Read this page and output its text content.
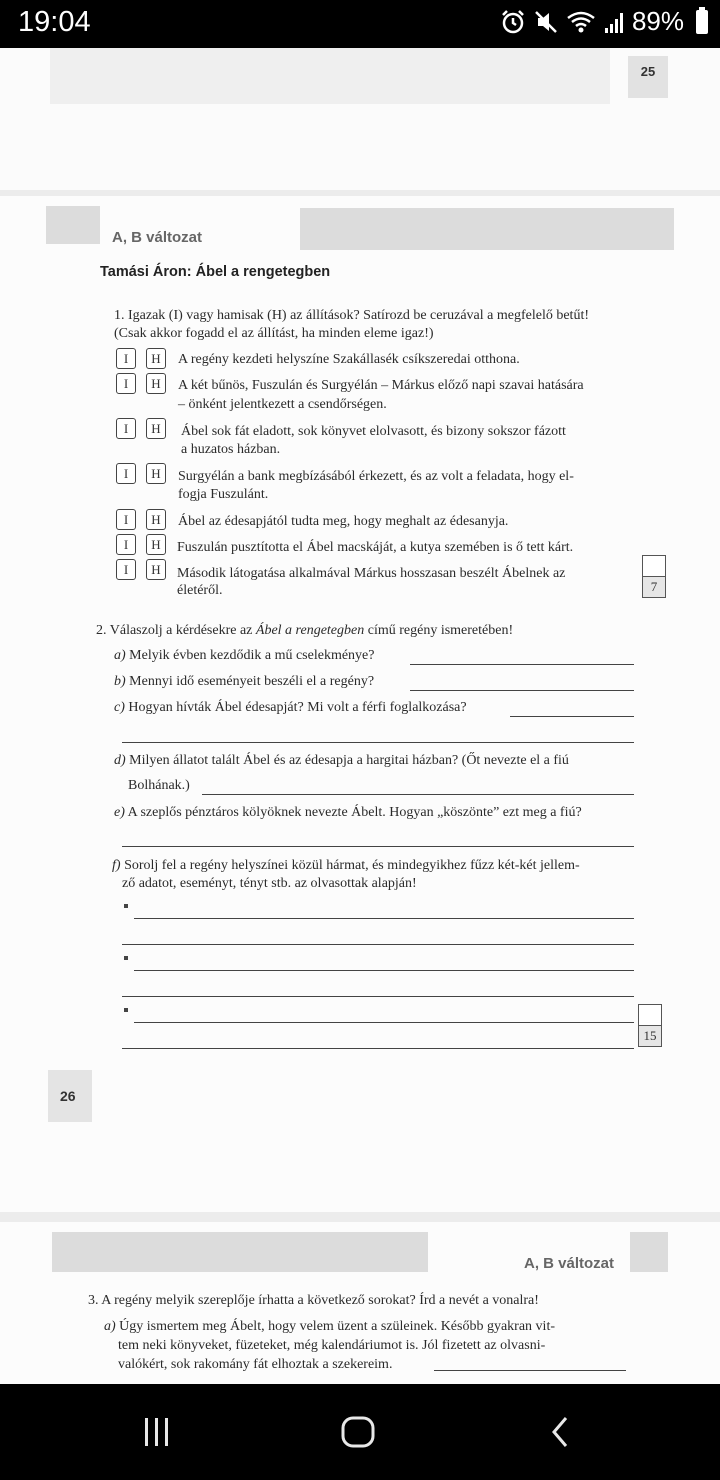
19:04	89%
25
A, B változat
Tamási Áron: Ábel a rengetegben
1. Igazak (I) vagy hamisak (H) az állítások? Satírozd be ceruzával a megfelelő betűt!
(Csak akkor fogadd el az állítást, ha minden eleme igaz!)
I	H	A regény kezdeti helyszíne Szakállasék csíkszeredai otthona.
I	H	A két bűnös, Fuszulán és Surgyélán – Márkus előző napi szavai hatására
– önként jelentkezett a csendőrségen.
I	H	Ábel sok fát eladott, sok könyvet elolvasott, és bizony sokszor fázott
a huzatos házban.
I	H	Surgyélán a bank megbízásából érkezett, és az volt a feladata, hogy el-
fogja Fuszulánt.
I	H	Ábel az édesapjától tudta meg, hogy meghalt az édesanyja.
I	H	Fuszulán pusztította el Ábel macskáját, a kutya szemében is ő tett kárt.
I	H	Második látogatása alkalmával Márkus hosszasan beszélt Ábelnek az
életéről.	7
2. Válaszolj a kérdésekre az Ábel a rengetegben című regény ismeretében!
a) Melyik évben kezdődik a mű cselekménye?
b) Mennyi idő eseményeit beszéli el a regény?
c) Hogyan hívták Ábel édesapját? Mi volt a férfi foglalkozása?
d) Milyen állatot talált Ábel és az édesapja a hargitai házban? (Őt nevezte el a fiú
Bolhának.)
e) A szeplős pénztáros kölyöknek nevezte Ábelt. Hogyan „köszönte” ezt meg a fiú?
f) Sorolj fel a regény helyszínei közül hármat, és mindegyikhez fűzz két-két jellem-
ző adatot, eseményt, tényt stb. az olvasottak alapján!
15
26
A, B változat
3. A regény melyik szereplője írhatta a következő sorokat? Írd a nevét a vonalra!
a) Úgy ismertem meg Ábelt, hogy velem üzent a szüleinek. Később gyakran vit-
tem neki könyveket, füzeteket, még kalendáriumot is. Jól fizetett az olvasni-
valókért, sok rakomány fát elhoztak a szekereim.
